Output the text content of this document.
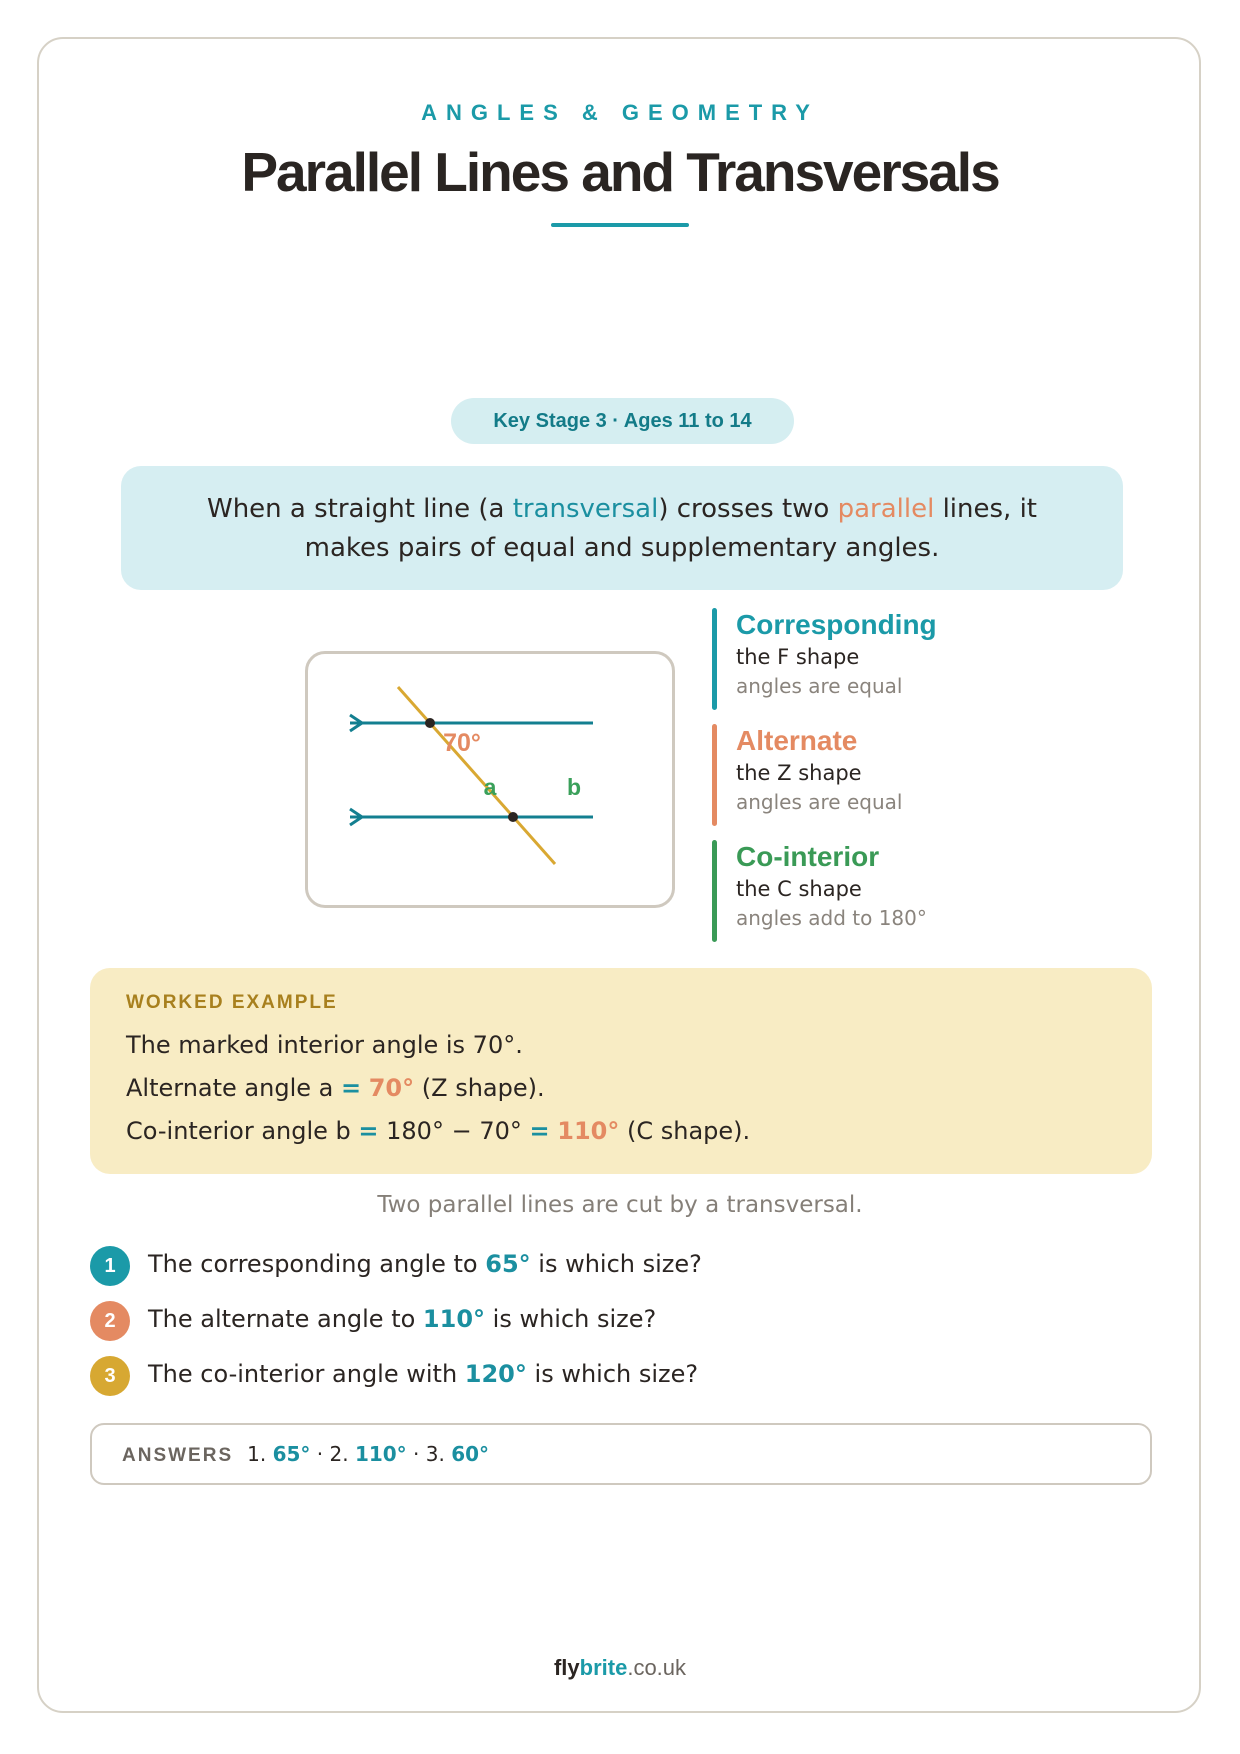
ANGLES & GEOMETRY
Parallel Lines and Transversals
Key Stage 3 · Ages 11 to 14
When a straight line (a transversal) crosses two parallel lines, it makes pairs of equal and supplementary angles.
70°
a	b
Corresponding
the F shape
angles are equal
Alternate
the Z shape
angles are equal
Co-interior
the C shape
angles add to 180°
WORKED EXAMPLE
The marked interior angle is 70°.
Alternate angle a = 70° (Z shape).
Co-interior angle b = 180° − 70° = 110° (C shape).
Two parallel lines are cut by a transversal.
1	The corresponding angle to 65° is which size?
2	The alternate angle to 110° is which size?
3	The co-interior angle with 120° is which size?
ANSWERS 1. 65° · 2. 110° · 3. 60°
flybrite.co.uk
